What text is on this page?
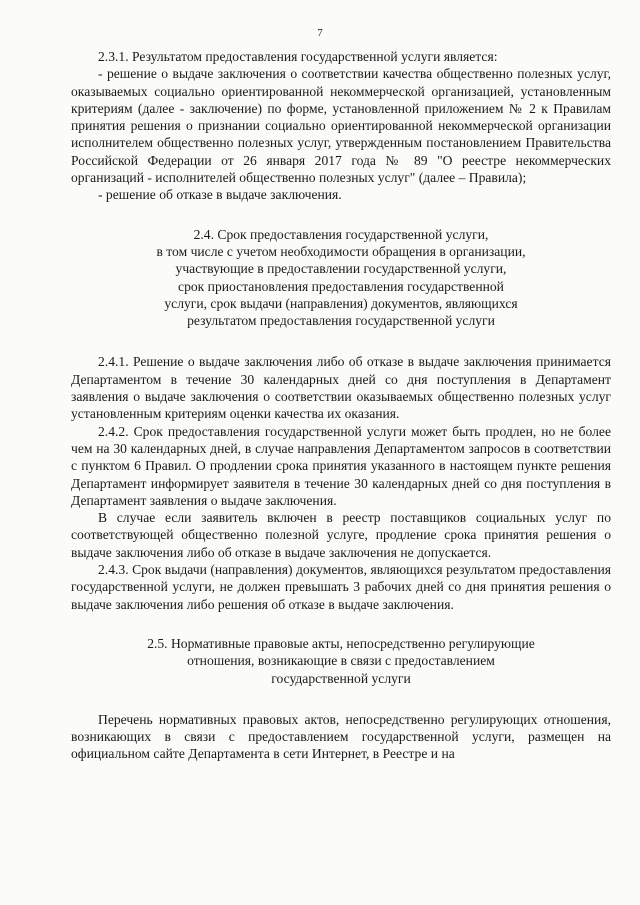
7

2.3.1. Результатом предоставления государственной услуги является:

- решение о выдаче заключения о соответствии качества общественно полезных услуг, оказываемых социально ориентированной некоммерческой организацией, установленным критериям (далее - заключение) по форме, установленной приложением № 2 к Правилам принятия решения о признании социально ориентированной некоммерческой организации исполнителем общественно полезных услуг, утвержденным постановлением Правительства Российской Федерации от 26 января 2017 года № 89 "О реестре некоммерческих организаций - исполнителей общественно полезных услуг" (далее – Правила);

- решение об отказе в выдаче заключения.

2.4. Срок предоставления государственной услуги,

в том числе с учетом необходимости обращения в организации,

участвующие в предоставлении государственной услуги,

срок приостановления предоставления государственной

услуги, срок выдачи (направления) документов, являющихся

результатом предоставления государственной услуги

2.4.1. Решение о выдаче заключения либо об отказе в выдаче заключения принимается Департаментом в течение 30 календарных дней со дня поступления в Департамент заявления о выдаче заключения о соответствии оказываемых общественно полезных услуг установленным критериям оценки качества их оказания.

2.4.2. Срок предоставления государственной услуги может быть продлен, но не более чем на 30 календарных дней, в случае направления Департаментом запросов в соответствии с пунктом 6 Правил. О продлении срока принятия указанного в настоящем пункте решения Департамент информирует заявителя в течение 30 календарных дней со дня поступления в Департамент заявления о выдаче заключения.

В случае если заявитель включен в реестр поставщиков социальных услуг по соответствующей общественно полезной услуге, продление срока принятия решения о выдаче заключения либо об отказе в выдаче заключения не допускается.

2.4.3. Срок выдачи (направления) документов, являющихся результатом предоставления государственной услуги, не должен превышать 3 рабочих дней со дня принятия решения о выдаче заключения либо решения об отказе в выдаче заключения.

2.5. Нормативные правовые акты, непосредственно регулирующие

отношения, возникающие в связи с предоставлением

государственной услуги

Перечень нормативных правовых актов, непосредственно регулирующих отношения, возникающих в связи с предоставлением государственной услуги, размещен на официальном сайте Департамента в сети Интернет, в Реестре и на
